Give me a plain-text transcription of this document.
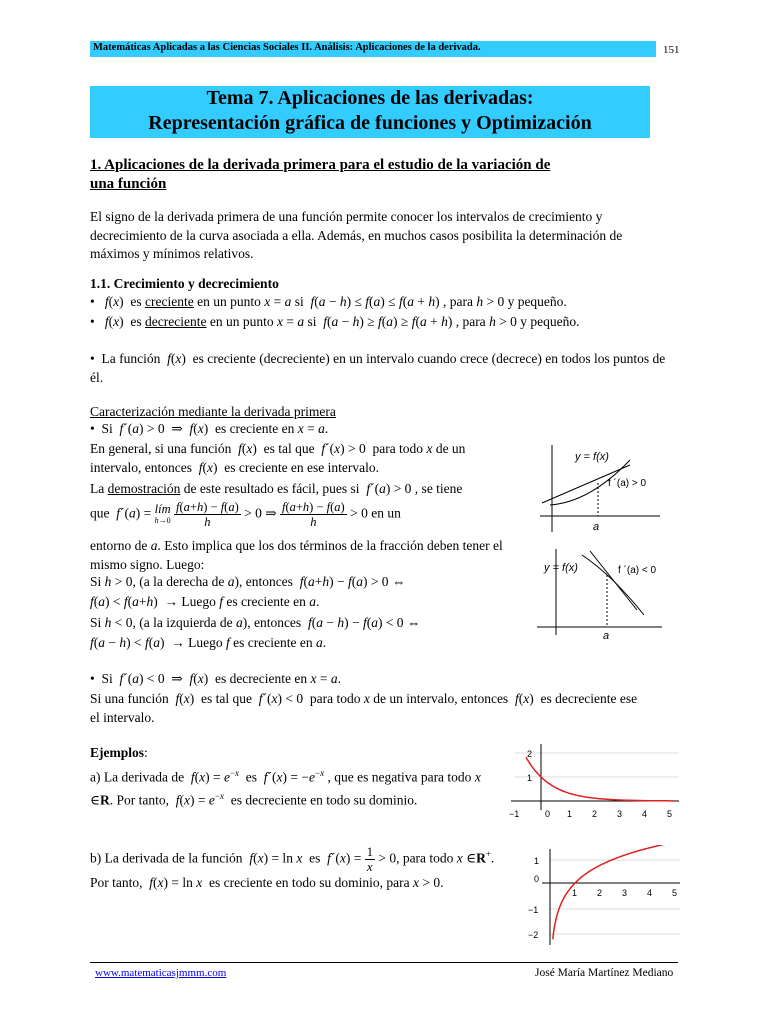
Matemáticas Aplicadas a las Ciencias Sociales II. Análisis: Aplicaciones de la derivada.	151
Tema 7. Aplicaciones de las derivadas:
Representación gráfica de funciones y Optimización
1. Aplicaciones de la derivada primera para el estudio de la variación de
una función

El signo de la derivada primera de una función permite conocer los intervalos de crecimiento y decrecimiento de la curva asociada a ella. Además, en muchos casos posibilita la determinación de máximos y mínimos relativos.

1.1. Crecimiento y decrecimiento

•   f(x)  es creciente en un punto x = a si  f(a − h) ≤ f(a) ≤ f(a + h) , para h > 0 y pequeño.

•   f(x)  es decreciente en un punto x = a si  f(a − h) ≥ f(a) ≥ f(a + h) , para h > 0 y pequeño.

•  La función  f(x)  es creciente (decreciente) en un intervalo cuando crece (decrece) en todos los puntos de él.

Caracterización mediante la derivada primera

•  Si  f´(a) > 0  ⇒  f(x)  es creciente en x = a.

En general, si una función  f(x)  es tal que  f´(x) > 0  para todo x de un intervalo, entonces  f(x)  es creciente en ese intervalo.

La demostración de este resultado es fácil, pues si  f´(a) > 0 , se tiene

que  f´(a) = lím
h→0
$\frac{f(a+h) - f(a)}{h} > 0$ ⇒ $\frac{f(a+h) - f(a)}{h} > 0$ en un

entorno de a. Esto implica que los dos términos de la fracción deben tener el mismo signo. Luego:

Si h > 0, (a la derecha de a), entonces  f(a+h) − f(a) > 0 ⇔

f(a) < f(a+h)  → Luego f es creciente en a.

Si h < 0, (a la izquierda de a), entonces  f(a − h) − f(a) < 0 ⇔

f(a − h) < f(a)  → Luego f es creciente en a.

•  Si  f´(a) < 0  ⇒  f(x)  es decreciente en x = a.

Si una función  f(x)  es tal que  f´(x) < 0  para todo x de un intervalo, entonces  f(x)  es decreciente ese el intervalo.

Ejemplos:

a) La derivada de  $f(x) = e^{-x}$  es  f´(x) = $-e^{-x}$ , que es negativa para todo x ∈R. Por tanto,  $f(x) = e^{-x}$  es decreciente en todo su dominio.

b) La derivada de la función  f(x) = ln x  es  f´(x) = $\frac{1}{x} > 0$, para todo x ∈R+. Por tanto,  f(x) = ln x  es creciente en todo su dominio, para x > 0.

y = f(x)
f ´(a) > 0
a
y = f(x)	f ´(a) < 0
a
2
1
0
−1	1 2 3 4 5
1
0
−1
−2
1 2 3 4 5
www.matematicasjmmm.com	José María Martínez Mediano
